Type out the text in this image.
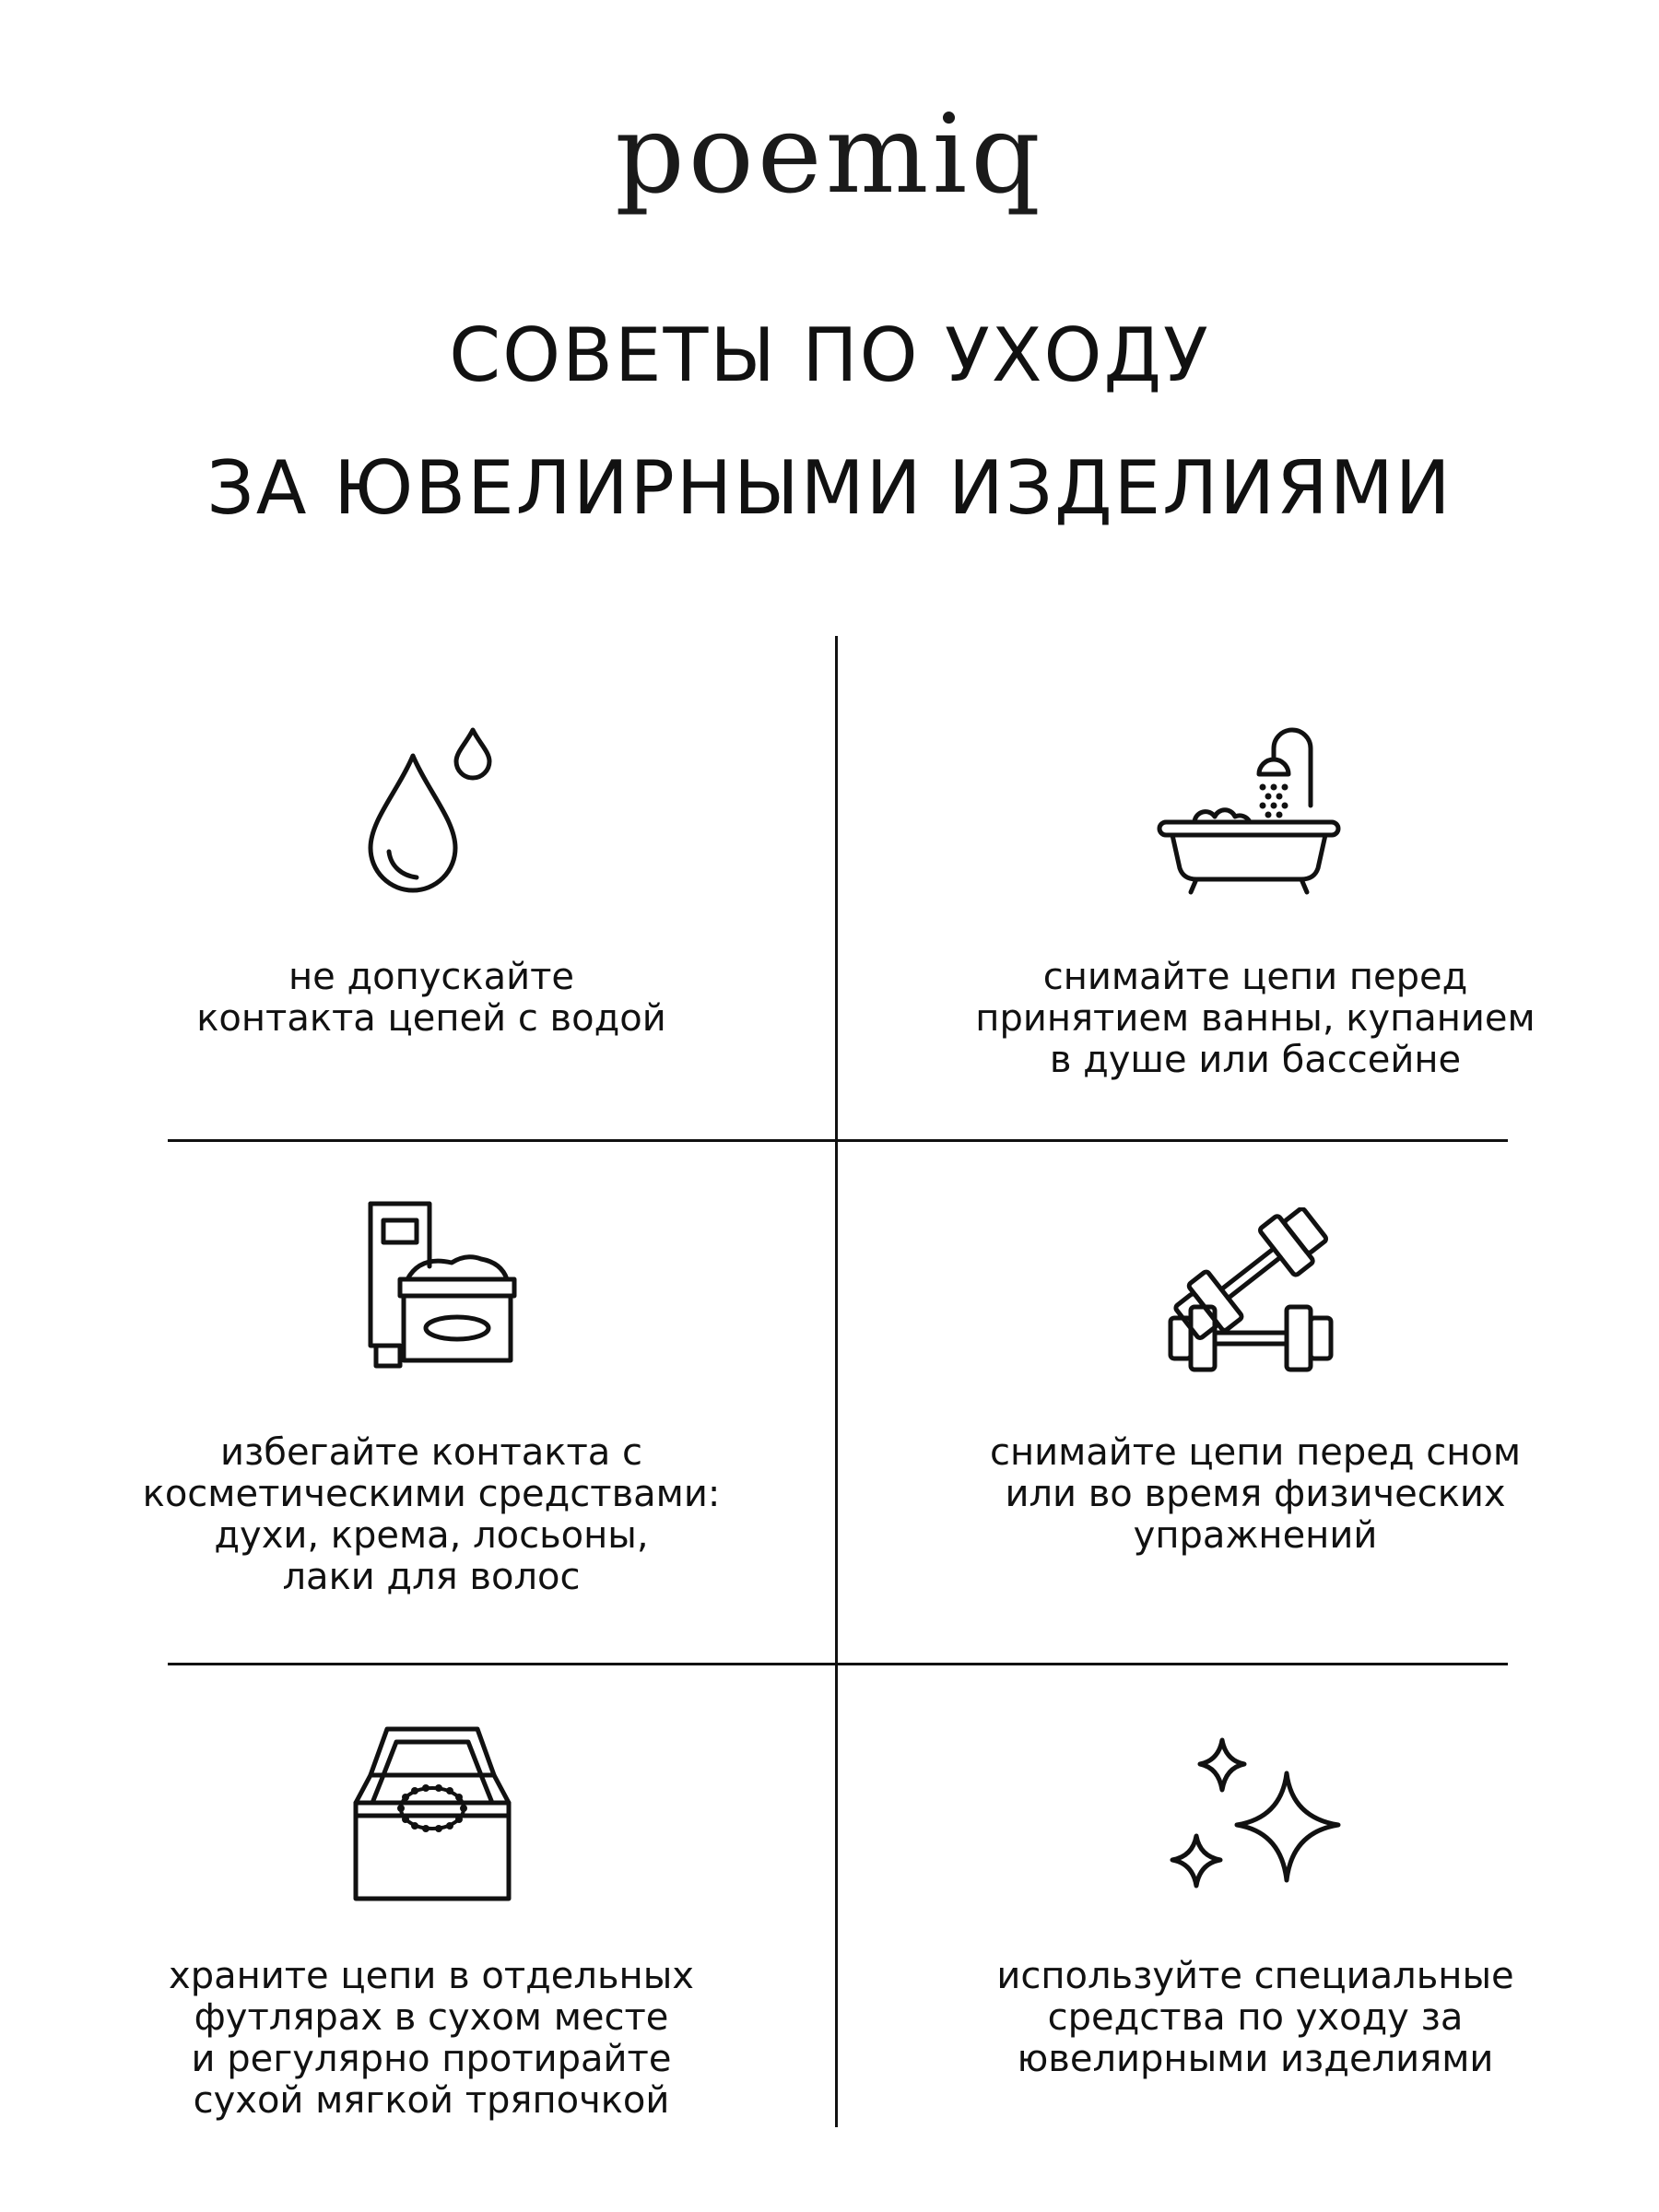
poemiq
СОВЕТЫ ПО УХОДУ
ЗА ЮВЕЛИРНЫМИ ИЗДЕЛИЯМИ
не допускайте
контакта цепей с водой
снимайте цепи перед
принятием ванны, купанием
в душе или бассейне
избегайте контакта с
косметическими средствами:
духи, крема, лосьоны,
лаки для волос
снимайте цепи перед сном
или во время физических
упражнений
храните цепи в отдельных
футлярах в сухом месте
и регулярно протирайте
сухой мягкой тряпочкой
используйте специальные
средства по уходу за
ювелирными изделиями
